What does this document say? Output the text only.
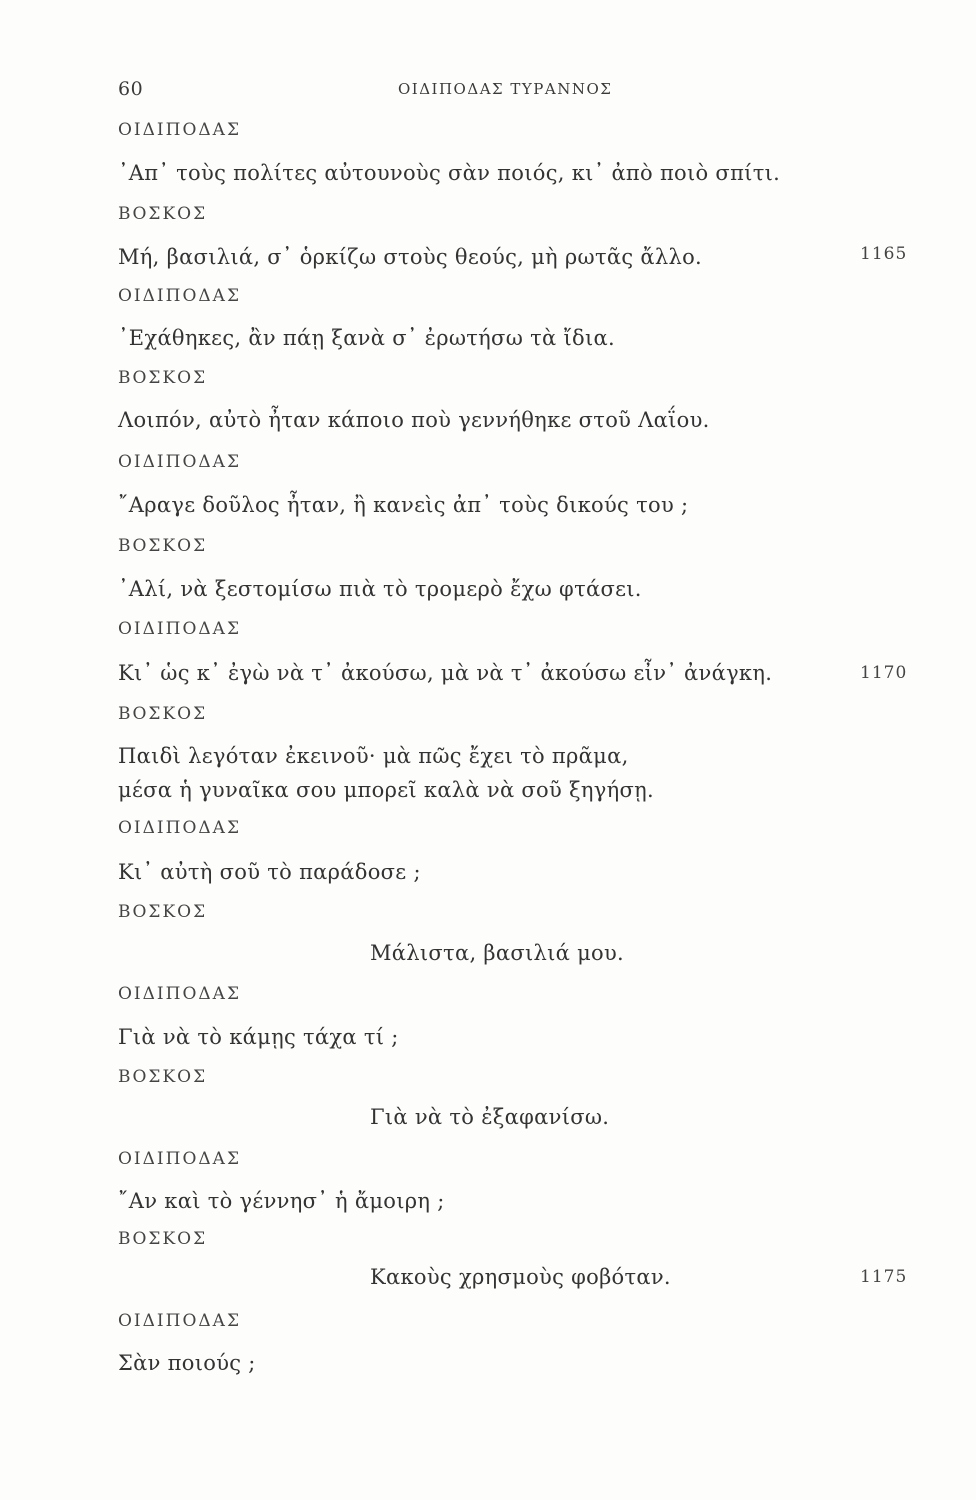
60	ΟΙΔΙΠΟΔΑΣ ΤΥΡΑΝΝΟΣ
ΟΙΔΙΠΟΔΑΣ
᾿Απ᾿ τοὺς πολίτες αὐτουνοὺς σὰν ποιός, κι᾿ ἀπὸ ποιὸ σπίτι.
ΒΟΣΚΟΣ
Μή, βασιλιά, σ᾿ ὁρκίζω στοὺς θεούς, μὴ ρωτᾶς ἄλλο.	1165
ΟΙΔΙΠΟΔΑΣ
᾿Εχάθηκες, ἂν πάῃ ξανὰ σ᾿ ἐρωτήσω τὰ ἴδια.
ΒΟΣΚΟΣ
Λοιπόν, αὐτὸ ἦταν κάποιο ποὺ γεννήθηκε στοῦ Λαΐου.
ΟΙΔΙΠΟΔΑΣ
῎Αραγε δοῦλος ἦταν, ἢ κανεὶς ἀπ᾿ τοὺς δικούς του ;
ΒΟΣΚΟΣ
᾿Αλί, νὰ ξεστομίσω πιὰ τὸ τρομερὸ ἔχω φτάσει.
ΟΙΔΙΠΟΔΑΣ
Κι᾿ ὡς κ᾿ ἐγὼ νὰ τ᾿ ἀκούσω, μὰ νὰ τ᾿ ἀκούσω εἶν᾿ ἀνάγκη.	1170
ΒΟΣΚΟΣ
Παιδὶ λεγόταν ἐκεινοῦ· μὰ πῶς ἔχει τὸ πρᾶμα,
μέσα ἡ γυναῖκα σου μπορεῖ καλὰ νὰ σοῦ ξηγήσῃ.
ΟΙΔΙΠΟΔΑΣ
Κι᾿ αὐτὴ σοῦ τὸ παράδοσε ;
ΒΟΣΚΟΣ
Μάλιστα, βασιλιά μου.
ΟΙΔΙΠΟΔΑΣ
Γιὰ νὰ τὸ κάμῃς τάχα τί ;
ΒΟΣΚΟΣ
Γιὰ νὰ τὸ ἐξαφανίσω.
ΟΙΔΙΠΟΔΑΣ
῎Αν καὶ τὸ γέννησ᾿ ἡ ἄμοιρη ;
ΒΟΣΚΟΣ
Κακοὺς χρησμοὺς φοβόταν.	1175
ΟΙΔΙΠΟΔΑΣ
Σὰν ποιούς ;
